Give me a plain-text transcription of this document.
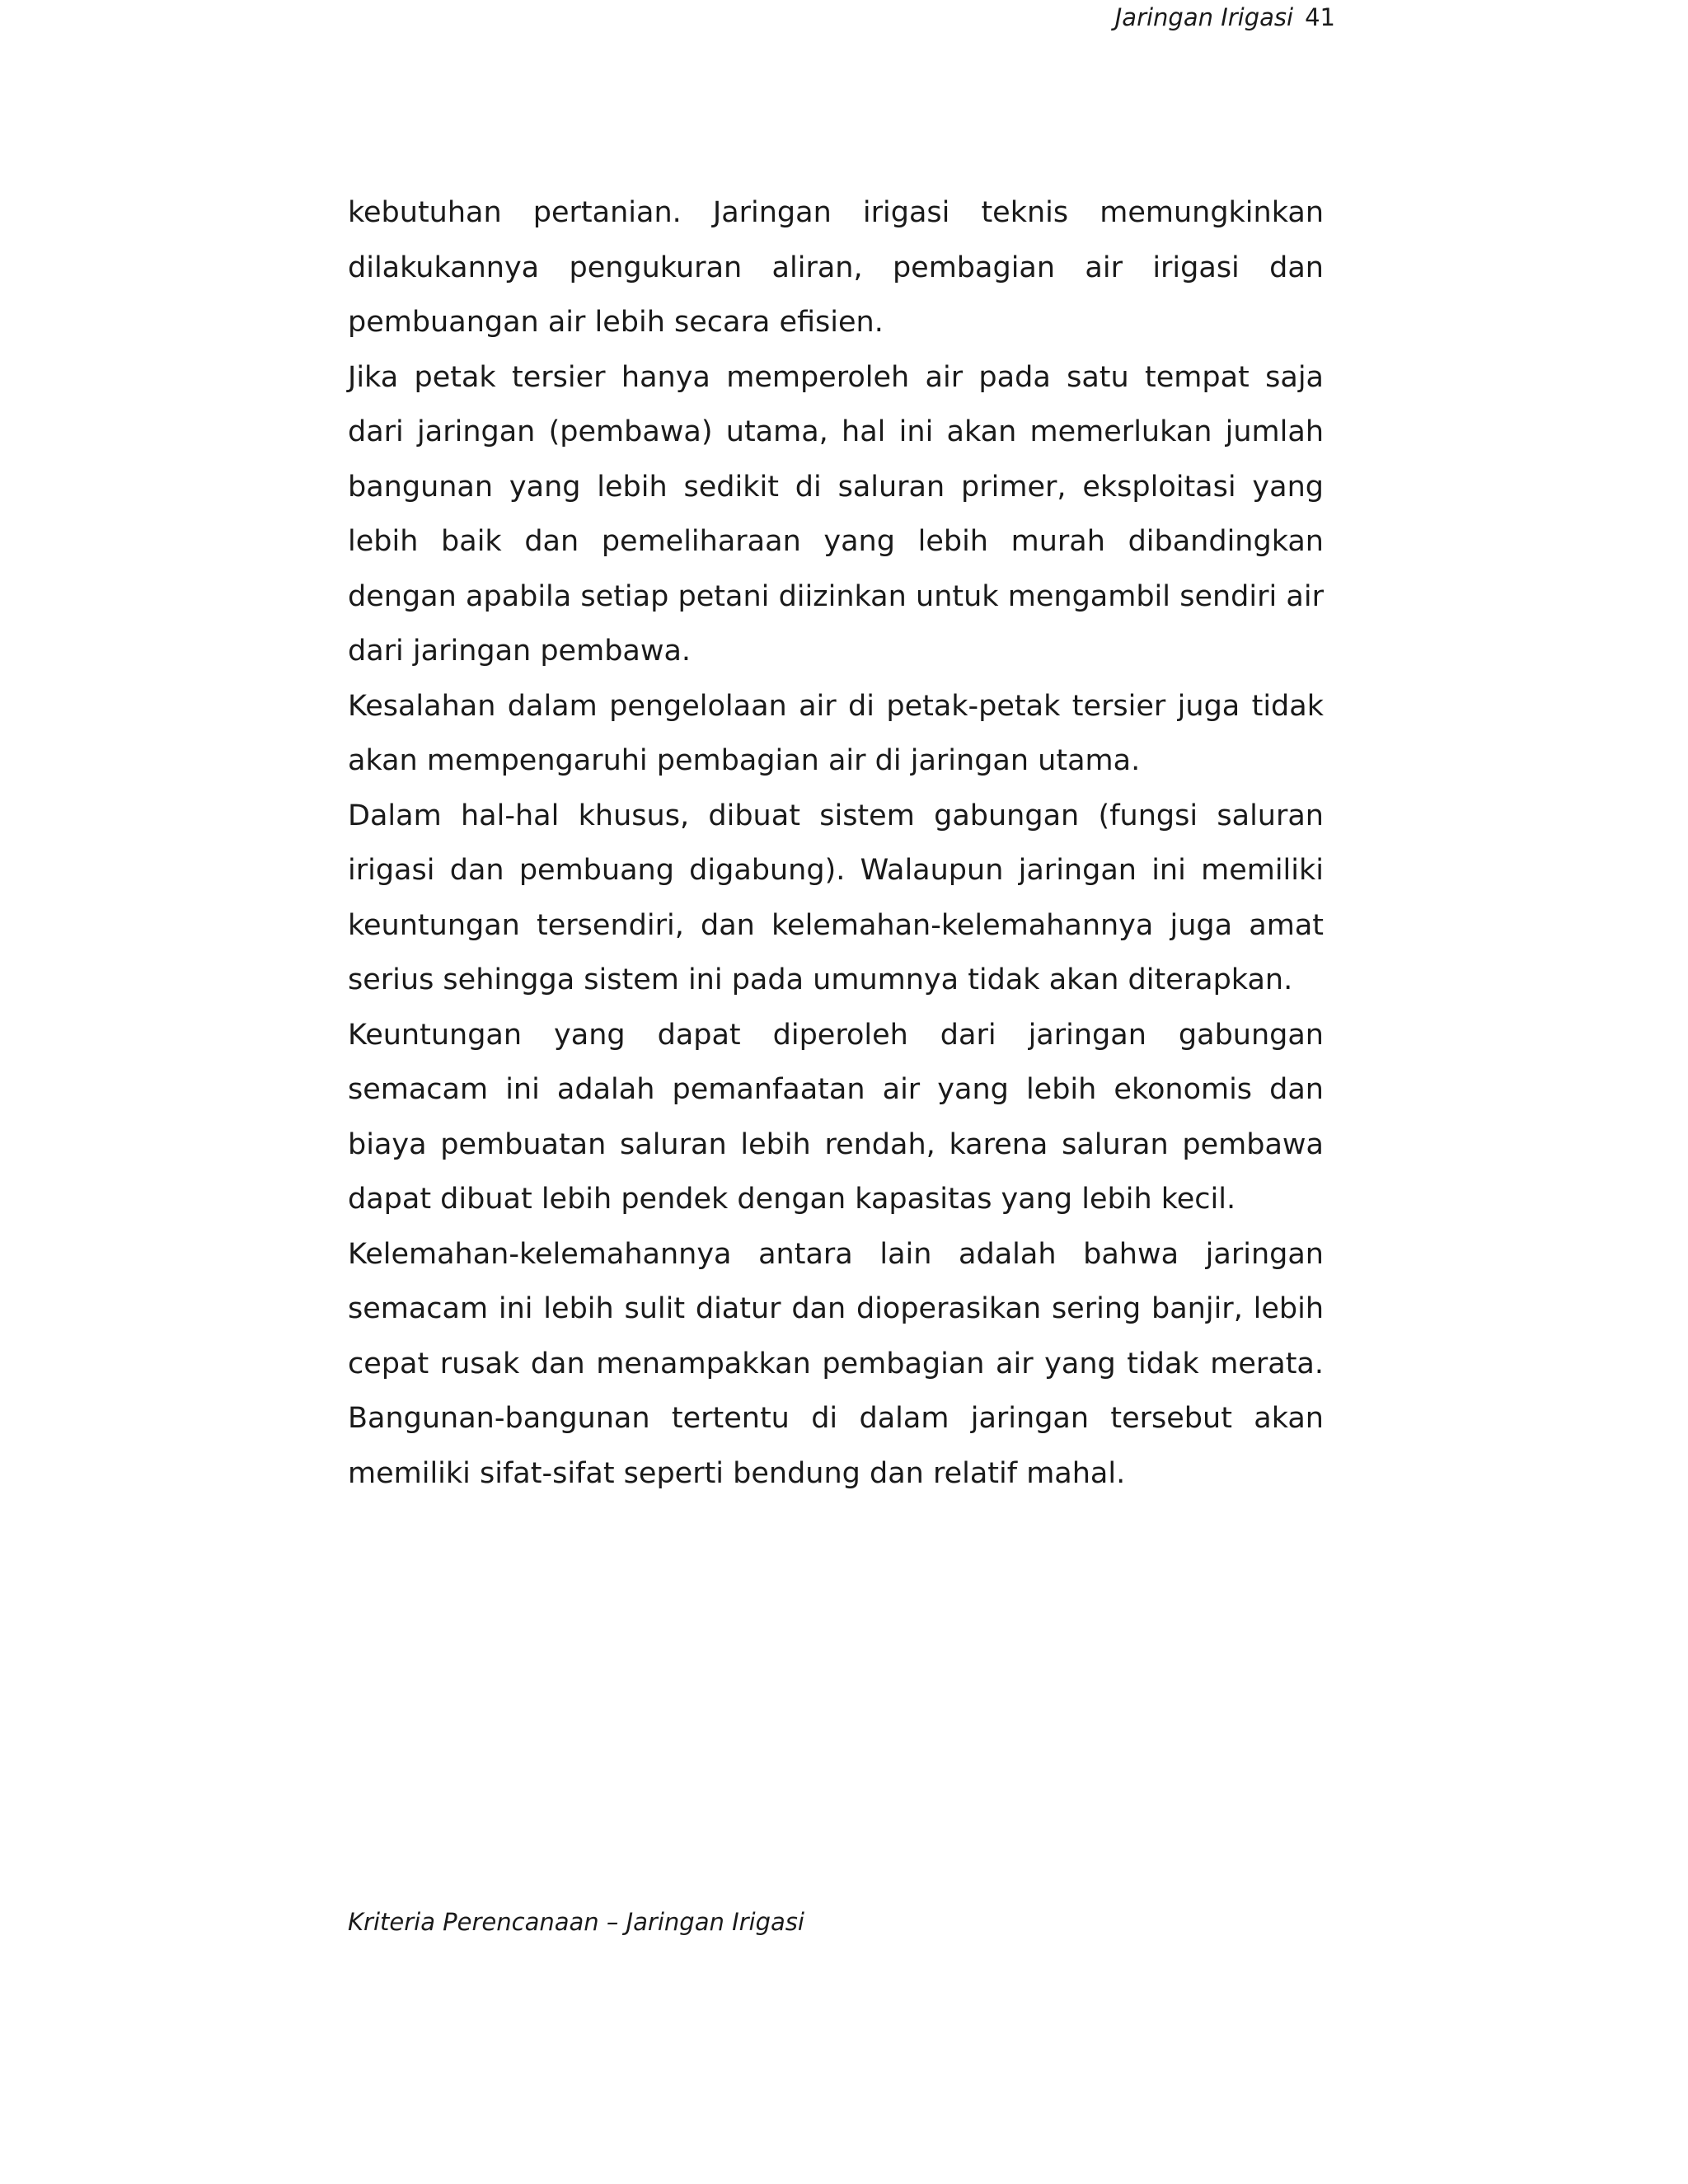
Jaringan Irigasi 41

kebutuhan pertanian. Jaringan irigasi teknis memungkinkan dilakukannya pengukuran aliran, pembagian air irigasi dan pembuangan air lebih secara efisien.

Jika petak tersier hanya memperoleh air pada satu tempat saja dari jaringan (pembawa) utama, hal ini akan memerlukan jumlah bangunan yang lebih sedikit di saluran primer, eksploitasi yang lebih baik dan pemeliharaan yang lebih murah dibandingkan dengan apabila setiap petani diizinkan untuk mengambil sendiri air dari jaringan pembawa.

Kesalahan dalam pengelolaan air di petak-petak tersier juga tidak akan mempengaruhi pembagian air di jaringan utama.

Dalam hal-hal khusus, dibuat sistem gabungan (fungsi saluran irigasi dan pembuang digabung). Walaupun jaringan ini memiliki keuntungan tersendiri, dan kelemahan-kelemahannya juga amat serius sehingga sistem ini pada umumnya tidak akan diterapkan.

Keuntungan yang dapat diperoleh dari jaringan gabungan semacam ini adalah pemanfaatan air yang lebih ekonomis dan biaya pembuatan saluran lebih rendah, karena saluran pembawa dapat dibuat lebih pendek dengan kapasitas yang lebih kecil.

Kelemahan-kelemahannya antara lain adalah bahwa jaringan semacam ini lebih sulit diatur dan dioperasikan sering banjir, lebih cepat rusak dan menampakkan pembagian air yang tidak merata. Bangunan-bangunan tertentu di dalam jaringan tersebut akan memiliki sifat-sifat seperti bendung dan relatif mahal.

Kriteria Perencanaan – Jaringan Irigasi
